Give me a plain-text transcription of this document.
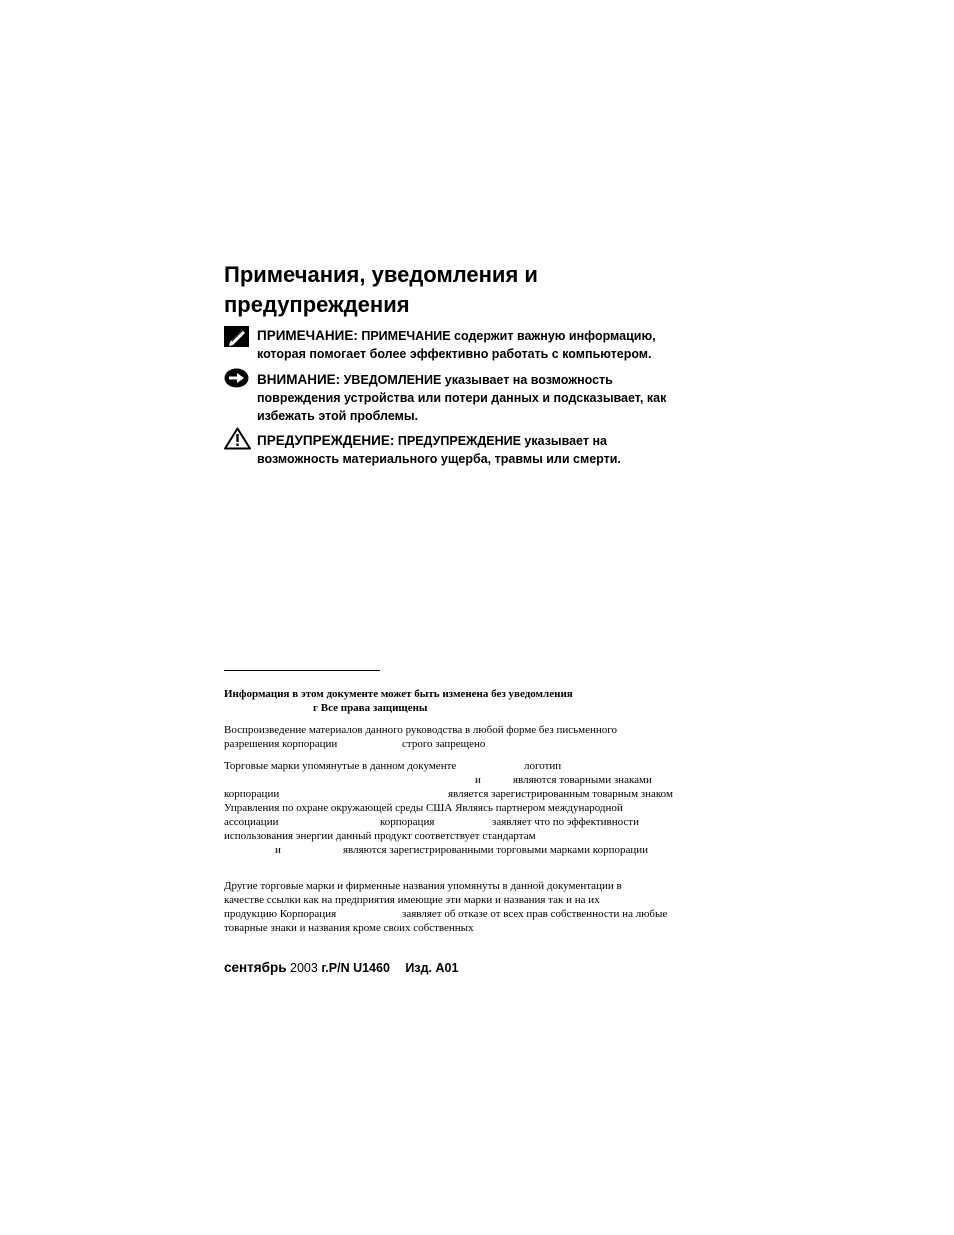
Примечания, уведомления и
предупреждения
ПРИМЕЧАНИЕ: ПРИМЕЧАНИЕ содержит важную информацию,
которая помогает более эффективно работать с компьютером.
ВНИМАНИЕ: УВЕДОМЛЕНИЕ указывает на возможность
повреждения устройства или потери данных и подсказывает, как
избежать этой проблемы.
ПРЕДУПРЕЖДЕНИЕ: ПРЕДУПРЕЖДЕНИЕ указывает на
возможность материального ущерба, травмы или смерти.
Информация в этом документе может быть изменена без уведомления
г Все права защищены
Воспроизведение материалов данного руководства в любой форме без письменного

разрешения корпорации

	строго запрещено

Торговые марки упомянутые в данном документе

	логотип

и

	являются товарными знаками

корпорации

	является зарегистрированным товарным знаком

Управления по охране окружающей среды США Являясь партнером международной

ассоциации

	корпорация

	заявляет что по эффективности

использования энергии данный продукт соответствует стандартам

и

	являются зарегистрированными торговыми марками корпорации

Другие торговые марки и фирменные названия упомянуты в данной документации в
качестве ссылки как на предприятия имеющие эти марки и названия так и на их

продукцию Корпорация

	заявляет об отказе от всех прав собственности на любые

товарные знаки и названия кроме своих собственных
сентябрь 2003 г.P/N U1460 Изд. A01
